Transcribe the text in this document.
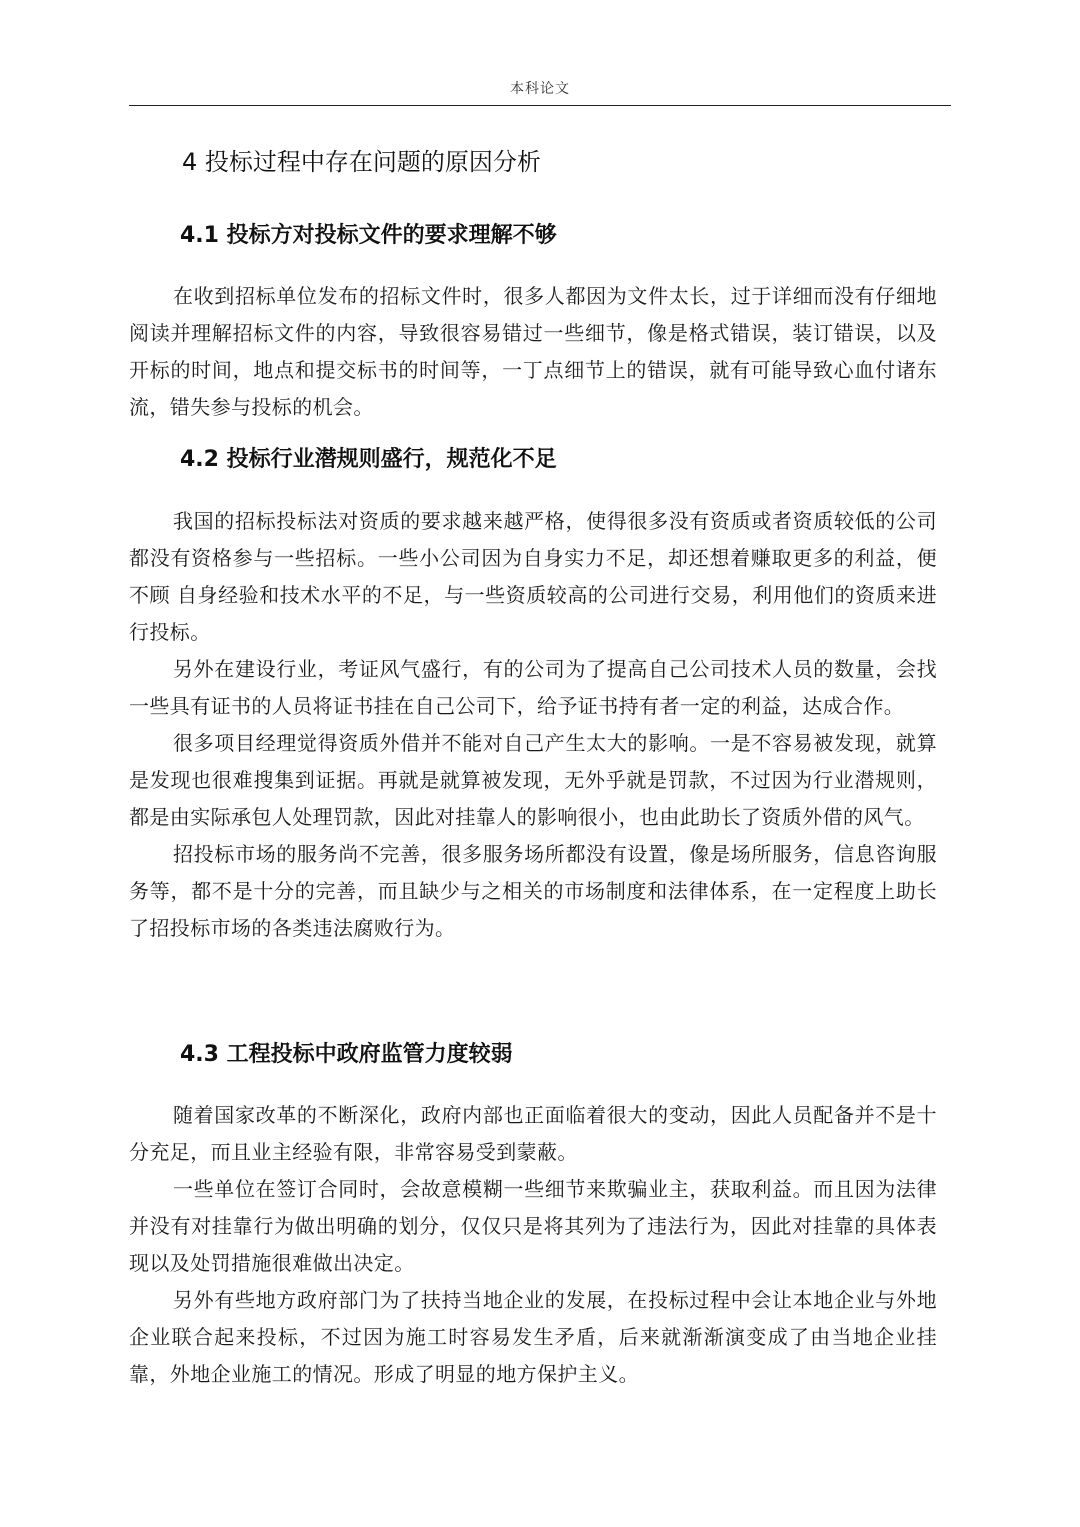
本科论文
4 投标过程中存在问题的原因分析
4.1 投标方对投标文件的要求理解不够

在收到招标单位发布的招标文件时，很多人都因为文件太长，过于详细而没有仔细地阅读并理解招标文件的内容，导致很容易错过一些细节，像是格式错误，装订错误，以及开标的时间，地点和提交标书的时间等，一丁点细节上的错误，就有可能导致心血付诸东流，错失参与投标的机会。

4.2 投标行业潜规则盛行，规范化不足

我国的招标投标法对资质的要求越来越严格，使得很多没有资质或者资质较低的公司都没有资格参与一些招标。一些小公司因为自身实力不足，却还想着赚取更多的利益，便不顾 自身经验和技术水平的不足，与一些资质较高的公司进行交易，利用他们的资质来进行投标。

另外在建设行业，考证风气盛行，有的公司为了提高自己公司技术人员的数量，会找一些具有证书的人员将证书挂在自己公司下，给予证书持有者一定的利益，达成合作。

很多项目经理觉得资质外借并不能对自己产生太大的影响。一是不容易被发现，就算是发现也很难搜集到证据。再就是就算被发现，无外乎就是罚款，不过因为行业潜规则，都是由实际承包人处理罚款，因此对挂靠人的影响很小，也由此助长了资质外借的风气。

招投标市场的服务尚不完善，很多服务场所都没有设置，像是场所服务，信息咨询服务等，都不是十分的完善，而且缺少与之相关的市场制度和法律体系，在一定程度上助长了招投标市场的各类违法腐败行为。

4.3 工程投标中政府监管力度较弱

随着国家改革的不断深化，政府内部也正面临着很大的变动，因此人员配备并不是十分充足，而且业主经验有限，非常容易受到蒙蔽。

一些单位在签订合同时，会故意模糊一些细节来欺骗业主，获取利益。而且因为法律并没有对挂靠行为做出明确的划分，仅仅只是将其列为了违法行为，因此对挂靠的具体表现以及处罚措施很难做出决定。

另外有些地方政府部门为了扶持当地企业的发展，在投标过程中会让本地企业与外地企业联合起来投标，不过因为施工时容易发生矛盾，后来就渐渐演变成了由当地企业挂靠，外地企业施工的情况。形成了明显的地方保护主义。
